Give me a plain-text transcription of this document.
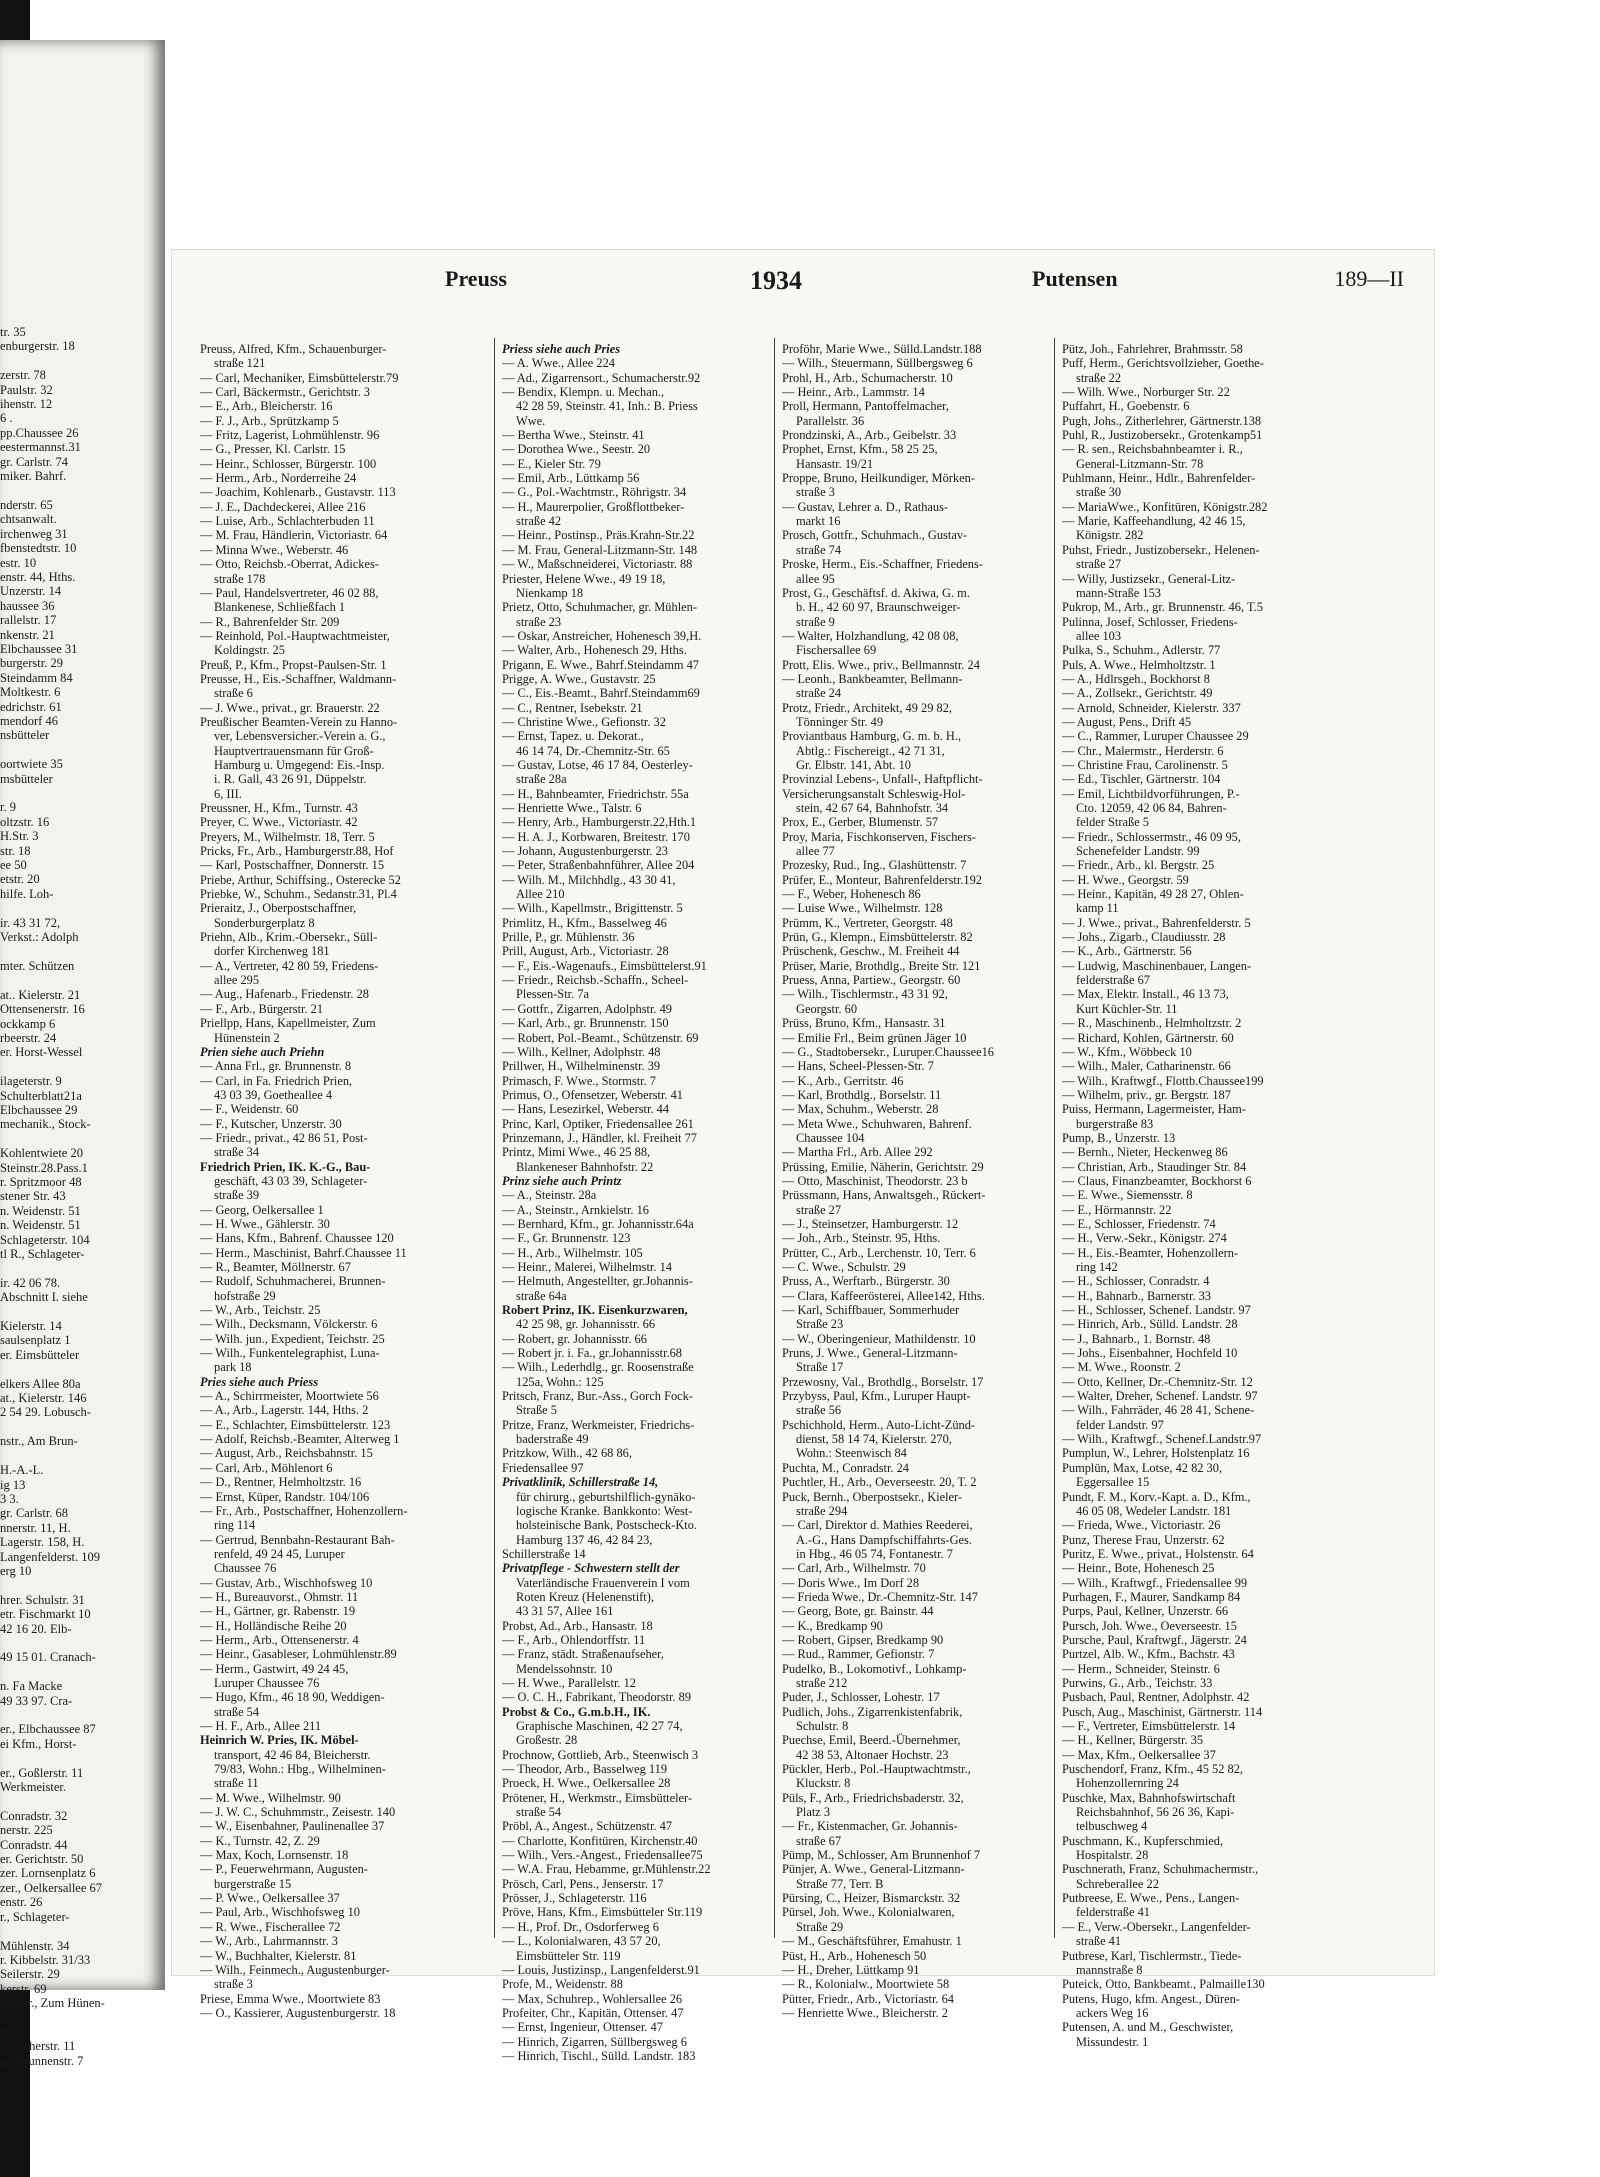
tr. 35
enburgerstr. 18

zerstr. 78
Paulstr. 32
ihenstr. 12
6 .
pp.Chaussee 26
eestermannst.31
gr. Carlstr. 74
miker. Bahrf.

nderstr. 65
chtsanwalt.
irchenweg 31
fbenstedtstr. 10
estr. 10
enstr. 44, Hths.
Unzerstr. 14
haussee 36
rallelstr. 17
nkenstr. 21
Elbchaussee 31
burgerstr. 29
Steindamm 84
Moltkestr. 6
edrichstr. 61
mendorf 46
nsbütteler

oortwiete 35
msbütteler

r. 9
oltzstr. 16
H.Str. 3
str. 18
ee 50
etstr. 20
hilfe. Loh-

ir. 43 31 72,
Verkst.: Adolph

mter. Schützen

at.. Kielerstr. 21
Ottensenerstr. 16
ockkamp 6
rbeerstr. 24
er. Horst-Wessel

ilageterstr. 9
Schulterblatt21a
Elbchaussee 29
mechanik., Stock-

Kohlentwiete 20
Steinstr.28.Pass.1
r. Spritzmoor 48
stener Str. 43
n. Weidenstr. 51
n. Weidenstr. 51
Schlageterstr. 104
tl R., Schlageter-

ir. 42 06 78.
Abschnitt I. siehe

Kielerstr. 14
saulsenplatz 1
er. Eimsbütteler

elkers Allee 80a
at., Kielerstr. 146
2 54 29. Lobusch-

nstr., Am Brun-

H.-A.-L.
ig 13
3 3.
gr. Carlstr. 68
nnerstr. 11, H.
Lagerstr. 158, H.
Langenfelderst. 109
erg 10

hrer. Schulstr. 31
etr. Fischmarkt 10
42 16 20. Elb-

49 15 01. Cranach-

n. Fa Macke
49 33 97. Cra-

er., Elbchaussee 87
ei Kfm., Horst-

er., Goßlerstr. 11
Werkmeister.

Conradstr. 32
nerstr. 225
Conradstr. 44
er. Gerichtstr. 50
zer. Lornsenplatz 6
zer., Oelkersallee 67
enstr. 26
r., Schlageter-

Mühlenstr. 34
r. Kibbelstr. 31/33
Seilerstr. 29
kerstr. 69
merstr., Zum Hünen-

Pl. 3
r. Silcherstr. 11
gr. Brunnenstr. 7
Preuss	1934	Putensen	189—II

Preuss, Alfred, Kfm., Schauenburger-

straße 121

— Carl, Mechaniker, Eimsbüttelerstr.79

— Carl, Bäckermstr., Gerichtstr. 3

— E., Arb., Bleicherstr. 16

— F. J., Arb., Sprützkamp 5

— Fritz, Lagerist, Lohmühlenstr. 96

— G., Presser, Kl. Carlstr. 15

— Heinr., Schlosser, Bürgerstr. 100

— Herm., Arb., Norderreihe 24

— Joachim, Kohlenarb., Gustavstr. 113

— J. E., Dachdeckerei, Allee 216

— Luise, Arb., Schlachterbuden 11

— M. Frau, Händlerin, Victoriastr. 64

— Minna Wwe., Weberstr. 46

— Otto, Reichsb.-Oberrat, Adickes-

straße 178

— Paul, Handelsvertreter, 46 02 88,

Blankenese, Schließfach 1

— R., Bahrenfelder Str. 209

— Reinhold, Pol.-Hauptwachtmeister,

Koldingstr. 25

Preuß, P., Kfm., Propst-Paulsen-Str. 1

Preusse, H., Eis.-Schaffner, Waldmann-

straße 6

— J. Wwe., privat., gr. Brauerstr. 22

Preußischer Beamten-Verein zu Hanno-

ver, Lebensversicher.-Verein a. G.,

Hauptvertrauensmann für Groß-

Hamburg u. Umgegend: Eis.-Insp.

i. R. Gall, 43 26 91, Düppelstr.

6, III.

Preussner, H., Kfm., Turnstr. 43

Preyer, C. Wwe., Victoriastr. 42

Preyers, M., Wilhelmstr. 18, Terr. 5

Pricks, Fr., Arb., Hamburgerstr.88, Hof

— Karl, Postschaffner, Donnerstr. 15

Priebe, Arthur, Schiffsing., Osterecke 52

Priebke, W., Schuhm., Sedanstr.31, Pl.4

Prieraitz, J., Oberpostschaffner,

Sonderburgerplatz 8

Priehn, Alb., Krim.-Obersekr., Süll-

dorfer Kirchenweg 181

— A., Vertreter, 42 80 59, Friedens-

allee 295

— Aug., Hafenarb., Friedenstr. 28

— F., Arb., Bürgerstr. 21

Priellpp, Hans, Kapellmeister, Zum

Hünenstein 2

Prien siehe auch Priehn

— Anna Frl., gr. Brunnenstr. 8

— Carl, in Fa. Friedrich Prien,

43 03 39, Goetheallee 4

— F., Weidenstr. 60

— F., Kutscher, Unzerstr. 30

— Friedr., privat., 42 86 51, Post-

straße 34

Friedrich Prien, IK. K.-G., Bau-

geschäft, 43 03 39, Schlageter-

straße 39

— Georg, Oelkersallee 1

— H. Wwe., Gählerstr. 30

— Hans, Kfm., Bahrenf. Chaussee 120

— Herm., Maschinist, Bahrf.Chaussee 11

— R., Beamter, Möllnerstr. 67

— Rudolf, Schuhmacherei, Brunnen-

hofstraße 29

— W., Arb., Teichstr. 25

— Wilh., Decksmann, Völckerstr. 6

— Wilh. jun., Expedient, Teichstr. 25

— Wilh., Funkentelegraphist, Luna-

park 18

Pries siehe auch Priess

— A., Schirrmeister, Moortwiete 56

— A., Arb., Lagerstr. 144, Hths. 2

— E., Schlachter, Eimsbüttelerstr. 123

— Adolf, Reichsb.-Beamter, Alterweg 1

— August, Arb., Reichsbahnstr. 15

— Carl, Arb., Möhlenort 6

— D., Rentner, Helmholtzstr. 16

— Ernst, Küper, Randstr. 104/106

— Fr., Arb., Postschaffner, Hohenzollern-

ring 114

— Gertrud, Bennbahn-Restaurant Bah-

renfeld, 49 24 45, Luruper

Chaussee 76

— Gustav, Arb., Wischhofsweg 10

— H., Bureauvorst., Ohmstr. 11

— H., Gärtner, gr. Rabenstr. 19

— H., Holländische Reihe 20

— Herm., Arb., Ottensenerstr. 4

— Heinr., Gasableser, Lohmühlenstr.89

— Herm., Gastwirt, 49 24 45,

Luruper Chaussee 76

— Hugo, Kfm., 46 18 90, Weddigen-

straße 54

— H. F., Arb., Allee 211

Heinrich W. Pries, IK. Möbel-

transport, 42 46 84, Bleicherstr.

79/83, Wohn.: Hbg., Wilhelminen-

straße 11

— M. Wwe., Wilhelmstr. 90

— J. W. C., Schuhmmstr., Zeisestr. 140

— W., Eisenbahner, Paulinenallee 37

— K., Turnstr. 42, Z. 29

— Max, Koch, Lornsenstr. 18

— P., Feuerwehrmann, Augusten-

burgerstraße 15

— P. Wwe., Oelkersallee 37

— Paul, Arb., Wischhofsweg 10

— R. Wwe., Fischerallee 72

— W., Arb., Lahrmannstr. 3

— W., Buchhalter, Kielerstr. 81

— Wilh., Feinmech., Augustenburger-

straße 3

Priese, Emma Wwe., Moortwiete 83

— O., Kassierer, Augustenburgerstr. 18

Priess siehe auch Pries

— A. Wwe., Allee 224

— Ad., Zigarrensort., Schumacherstr.92

— Bendix, Klempn. u. Mechan.,

42 28 59, Steinstr. 41, Inh.: B. Priess

Wwe.

— Bertha Wwe., Steinstr. 41

— Dorothea Wwe., Seestr. 20

— E., Kieler Str. 79

— Emil, Arb., Lüttkamp 56

— G., Pol.-Wachtmstr., Röhrigstr. 34

— H., Maurerpolier, Großflottbeker-

straße 42

— Heinr., Postinsp., Präs.Krahn-Str.22

— M. Frau, General-Litzmann-Str. 148

— W., Maßschneiderei, Victoriastr. 88

Priester, Helene Wwe., 49 19 18,

Nienkamp 18

Prietz, Otto, Schuhmacher, gr. Mühlen-

straße 23

— Oskar, Anstreicher, Hohenesch 39,H.

— Walter, Arb., Hohenesch 29, Hths.

Prigann, E. Wwe., Bahrf.Steindamm 47

Prigge, A. Wwe., Gustavstr. 25

— C., Eis.-Beamt., Bahrf.Steindamm69

— C., Rentner, Isebekstr. 21

— Christine Wwe., Gefionstr. 32

— Ernst, Tapez. u. Dekorat.,

46 14 74, Dr.-Chemnitz-Str. 65

— Gustav, Lotse, 46 17 84, Oesterley-

straße 28a

— H., Bahnbeamter, Friedrichstr. 55a

— Henriette Wwe., Talstr. 6

— Henry, Arb., Hamburgerstr.22,Hth.1

— H. A. J., Korbwaren, Breitestr. 170

— Johann, Augustenburgerstr. 23

— Peter, Straßenbahnführer, Allee 204

— Wilh. M., Milchhdlg., 43 30 41,

Allee 210

— Wilh., Kapellmstr., Brigittenstr. 5

Primlitz, H., Kfm., Basselweg 46

Prille, P., gr. Mühlenstr. 36

Prill, August, Arb., Victoriastr. 28

— F., Eis.-Wagenaufs., Eimsbüttelerst.91

— Friedr., Reichsb.-Schaffn., Scheel-

Plessen-Str. 7a

— Gottfr., Zigarren, Adolphstr. 49

— Karl, Arb., gr. Brunnenstr. 150

— Robert, Pol.-Beamt., Schützenstr. 69

— Wilh., Kellner, Adolphstr. 48

Prillwer, H., Wilhelminenstr. 39

Primasch, F. Wwe., Stormstr. 7

Primus, O., Ofensetzer, Weberstr. 41

— Hans, Lesezirkel, Weberstr. 44

Princ, Karl, Optiker, Friedensallee 261

Prinzemann, J., Händler, kl. Freiheit 77

Printz, Mimi Wwe., 46 25 88,

Blankeneser Bahnhofstr. 22

Prinz siehe auch Printz

— A., Steinstr. 28a

— A., Steinstr., Arnkielstr. 16

— Bernhard, Kfm., gr. Johannisstr.64a

— F., Gr. Brunnenstr. 123

— H., Arb., Wilhelmstr. 105

— Heinr., Malerei, Wilhelmstr. 14

— Helmuth, Angestellter, gr.Johannis-

straße 64a

Robert Prinz, IK. Eisenkurzwaren,

42 25 98, gr. Johannisstr. 66

— Robert, gr. Johannisstr. 66

— Robert jr. i. Fa., gr.Johannisstr.68

— Wilh., Lederhdlg., gr. Roosenstraße

125a, Wohn.: 125

Pritsch, Franz, Bur.-Ass., Gorch Fock-

Straße 5

Pritze, Franz, Werkmeister, Friedrichs-

baderstraße 49

Pritzkow, Wilh., 42 68 86,

Friedensallee 97

Privatklinik, Schillerstraße 14,

für chirurg., geburtshilflich-gynäko-

logische Kranke. Bankkonto: West-

holsteinische Bank, Postscheck-Kto.

Hamburg 137 46, 42 84 23,

Schillerstraße 14

Privatpflege - Schwestern stellt der

Vaterländische Frauenverein I vom

Roten Kreuz (Helenenstift),

43 31 57, Allee 161

Probst, Ad., Arb., Hansastr. 18

— F., Arb., Ohlendorffstr. 11

— Franz, städt. Straßenaufseher,

Mendelssohnstr. 10

— H. Wwe., Parallelstr. 12

— O. C. H., Fabrikant, Theodorstr. 89

Probst & Co., G.m.b.H., IK.

Graphische Maschinen, 42 27 74,

Großestr. 28

Prochnow, Gottlieb, Arb., Steenwisch 3

— Theodor, Arb., Basselweg 119

Proeck, H. Wwe., Oelkersallee 28

Prötener, H., Werkmstr., Eimsbütteler-

straße 54

Pröbl, A., Angest., Schützenstr. 47

— Charlotte, Konfitüren, Kirchenstr.40

— Wilh., Vers.-Angest., Friedensallee75

— W.A. Frau, Hebamme, gr.Mühlenstr.22

Prösch, Carl, Pens., Jenserstr. 17

Prösser, J., Schlageterstr. 116

Pröve, Hans, Kfm., Eimsbütteler Str.119

— H., Prof. Dr., Osdorferweg 6

— L., Kolonialwaren, 43 57 20,

Eimsbütteler Str. 119

— Louis, Justizinsp., Langenfelderst.91

Profe, M., Weidenstr. 88

— Max, Schuhrep., Wohlersallee 26

Profeiter, Chr., Kapitän, Ottenser. 47

— Ernst, Ingenieur, Ottenser. 47

— Hinrich, Zigarren, Süllbergsweg 6

— Hinrich, Tischl., Sülld. Landstr. 183

Proföhr, Marie Wwe., Sülld.Landstr.188

— Wilh., Steuermann, Süllbergsweg 6

Prohl, H., Arb., Schumacherstr. 10

— Heinr., Arb., Lammstr. 14

Proll, Hermann, Pantoffelmacher,

Parallelstr. 36

Prondzinski, A., Arb., Geibelstr. 33

Prophet, Ernst, Kfm., 58 25 25,

Hansastr. 19/21

Proppe, Bruno, Heilkundiger, Mörken-

straße 3

— Gustav, Lehrer a. D., Rathaus-

markt 16

Prosch, Gottfr., Schuhmach., Gustav-

straße 74

Proske, Herm., Eis.-Schaffner, Friedens-

allee 95

Prost, G., Geschäftsf. d. Akiwa, G. m.

b. H., 42 60 97, Braunschweiger-

straße 9

— Walter, Holzhandlung, 42 08 08,

Fischersallee 69

Prott, Elis. Wwe., priv., Bellmannstr. 24

— Leonh., Bankbeamter, Bellmann-

straße 24

Protz, Friedr., Architekt, 49 29 82,

Tönninger Str. 49

Proviantbaus Hamburg, G. m. b. H.,

Abtlg.: Fischereigt., 42 71 31,

Gr. Elbstr. 141, Abt. 10

Provinzial Lebens-, Unfall-, Haftpflicht-

Versicherungsanstalt Schleswig-Hol-

stein, 42 67 64, Bahnhofstr. 34

Prox, E., Gerber, Blumenstr. 57

Proy, Maria, Fischkonserven, Fischers-

allee 77

Prozesky, Rud., Ing., Glashüttenstr. 7

Prüfer, E., Monteur, Bahrenfelderstr.192

— F., Weber, Hohenesch 86

— Luise Wwe., Wilhelmstr. 128

Prümm, K., Vertreter, Georgstr. 48

Prün, G., Klempn., Eimsbüttelerstr. 82

Prüschenk, Geschw., M. Freiheit 44

Prüser, Marie, Brothdlg., Breite Str. 121

Pruess, Anna, Partiew., Georgstr. 60

— Wilh., Tischlermstr., 43 31 92,

Georgstr. 60

Prüss, Bruno, Kfm., Hansastr. 31

— Emilie Frl., Beim grünen Jäger 10

— G., Stadtobersekr., Luruper.Chaussee16

— Hans, Scheel-Plessen-Str. 7

— K., Arb., Gerritstr. 46

— Karl, Brothdlg., Borselstr. 11

— Max, Schuhm., Weberstr. 28

— Meta Wwe., Schuhwaren, Bahrenf.

Chaussee 104

— Martha Frl., Arb. Allee 292

Prüssing, Emilie, Näherin, Gerichtstr. 29

— Otto, Maschinist, Theodorstr. 23 b

Prüssmann, Hans, Anwaltsgeh., Rückert-

straße 27

— J., Steinsetzer, Hamburgerstr. 12

— Joh., Arb., Steinstr. 95, Hths.

Prütter, C., Arb., Lerchenstr. 10, Terr. 6

— C. Wwe., Schulstr. 29

Pruss, A., Werftarb., Bürgerstr. 30

— Clara, Kaffeerösterei, Allee142, Hths.

— Karl, Schiffbauer, Sommerhuder

Straße 23

— W., Oberingenieur, Mathildenstr. 10

Pruns, J. Wwe., General-Litzmann-

Straße 17

Przewosny, Val., Brothdlg., Borselstr. 17

Przybyss, Paul, Kfm., Luruper Haupt-

straße 56

Pschichhold, Herm., Auto-Licht-Zünd-

dienst, 58 14 74, Kielerstr. 270,

Wohn.: Steenwisch 84

Puchta, M., Conradstr. 24

Puchtler, H., Arb., Oeverseestr. 20, T. 2

Puck, Bernh., Oberpostsekr., Kieler-

straße 294

— Carl, Direktor d. Mathies Reederei,

A.-G., Hans Dampfschiffahrts-Ges.

in Hbg., 46 05 74, Fontanestr. 7

— Carl, Arb., Wilhelmstr. 70

— Doris Wwe., Im Dorf 28

— Frieda Wwe., Dr.-Chemnitz-Str. 147

— Georg, Bote, gr. Bainstr. 44

— K., Bredkamp 90

— Robert, Gipser, Bredkamp 90

— Rud., Rammer, Gefionstr. 7

Pudelko, B., Lokomotivf., Lohkamp-

straße 212

Puder, J., Schlosser, Lohestr. 17

Pudlich, Johs., Zigarrenkistenfabrik,

Schulstr. 8

Puechse, Emil, Beerd.-Übernehmer,

42 38 53, Altonaer Hochstr. 23

Pückler, Herb., Pol.-Hauptwachtmstr.,

Kluckstr. 8

Püls, F., Arb., Friedrichsbaderstr. 32,

Platz 3

— Fr., Kistenmacher, Gr. Johannis-

straße 67

Pümp, M., Schlosser, Am Brunnenhof 7

Pünjer, A. Wwe., General-Litzmann-

Straße 77, Terr. B

Pürsing, C., Heizer, Bismarckstr. 32

Pürsel, Joh. Wwe., Kolonialwaren,

Straße 29

— M., Geschäftsführer, Emahustr. 1

Püst, H., Arb., Hohenesch 50

— H., Dreher, Lüttkamp 91

— R., Kolonialw., Moortwiete 58

Pütter, Friedr., Arb., Victoriastr. 64

— Henriette Wwe., Bleicherstr. 2

Pütz, Joh., Fahrlehrer, Brahmsstr. 58

Puff, Herm., Gerichtsvollzieher, Goethe-

straße 22

— Wilh. Wwe., Norburger Str. 22

Puffahrt, H., Goebenstr. 6

Pugh, Johs., Zitherlehrer, Gärtnerstr.138

Puhl, R., Justizobersekr., Grotenkamp51

— R. sen., Reichsbahnbeamter i. R.,

General-Litzmann-Str. 78

Puhlmann, Heinr., Hdlr., Bahrenfelder-

straße 30

— MariaWwe., Konfitüren, Königstr.282

— Marie, Kaffeehandlung, 42 46 15,

Königstr. 282

Puhst, Friedr., Justizobersekr., Helenen-

straße 27

— Willy, Justizsekr., General-Litz-

mann-Straße 153

Pukrop, M., Arb., gr. Brunnenstr. 46, T.5

Pulinna, Josef, Schlosser, Friedens-

allee 103

Pulka, S., Schuhm., Adlerstr. 77

Puls, A. Wwe., Helmholtzstr. 1

— A., Hdlrsgeh., Bockhorst 8

— A., Zollsekr., Gerichtstr. 49

— Arnold, Schneider, Kielerstr. 337

— August, Pens., Drift 45

— C., Rammer, Luruper Chaussee 29

— Chr., Malermstr., Herderstr. 6

— Christine Frau, Carolinenstr. 5

— Ed., Tischler, Gärtnerstr. 104

— Emil, Lichtbildvorführungen, P.-

Cto. 12059, 42 06 84, Bahren-

felder Straße 5

— Friedr., Schlossermstr., 46 09 95,

Schenefelder Landstr. 99

— Friedr., Arb., kl. Bergstr. 25

— H. Wwe., Georgstr. 59

— Heinr., Kapitän, 49 28 27, Ohlen-

kamp 11

— J. Wwe., privat., Bahrenfelderstr. 5

— Johs., Zigarb., Claudiusstr. 28

— K., Arb., Gärtnerstr. 56

— Ludwig, Maschinenbauer, Langen-

felderstraße 67

— Max, Elektr. Install., 46 13 73,

Kurt Küchler-Str. 11

— R., Maschinenb., Helmholtzstr. 2

— Richard, Kohlen, Gärtnerstr. 60

— W., Kfm., Wöbbeck 10

— Wilh., Maler, Catharinenstr. 66

— Wilh., Kraftwgf., Flottb.Chaussee199

— Wilhelm, priv., gr. Bergstr. 187

Puiss, Hermann, Lagermeister, Ham-

burgerstraße 83

Pump, B., Unzerstr. 13

— Bernh., Nieter, Heckenweg 86

— Christian, Arb., Staudinger Str. 84

— Claus, Finanzbeamter, Bockhorst 6

— E. Wwe., Siemensstr. 8

— E., Hörmannstr. 22

— E., Schlosser, Friedenstr. 74

— H., Verw.-Sekr., Königstr. 274

— H., Eis.-Beamter, Hohenzollern-

ring 142

— H., Schlosser, Conradstr. 4

— H., Bahnarb., Barnerstr. 33

— H., Schlosser, Schenef. Landstr. 97

— Hinrich, Arb., Sülld. Landstr. 28

— J., Bahnarb., 1. Bornstr. 48

— Johs., Eisenbahner, Hochfeld 10

— M. Wwe., Roonstr. 2

— Otto, Kellner, Dr.-Chemnitz-Str. 12

— Walter, Dreher, Schenef. Landstr. 97

— Wilh., Fahrräder, 46 28 41, Schene-

felder Landstr. 97

— Wilh., Kraftwgf., Schenef.Landstr.97

Pumplun, W., Lehrer, Holstenplatz 16

Pumplün, Max, Lotse, 42 82 30,

Eggersallee 15

Pundt, F. M., Korv.-Kapt. a. D., Kfm.,

46 05 08, Wedeler Landstr. 181

— Frieda, Wwe., Victoriastr. 26

Punz, Therese Frau, Unzerstr. 62

Puritz, E. Wwe., privat., Holstenstr. 64

— Heinr., Bote, Hohenesch 25

— Wilh., Kraftwgf., Friedensallee 99

Purhagen, F., Maurer, Sandkamp 84

Purps, Paul, Kellner, Unzerstr. 66

Pursch, Joh. Wwe., Oeverseestr. 15

Pursche, Paul, Kraftwgf., Jägerstr. 24

Purtzel, Alb. W., Kfm., Bachstr. 43

— Herm., Schneider, Steinstr. 6

Purwins, G., Arb., Teichstr. 33

Pusbach, Paul, Rentner, Adolphstr. 42

Pusch, Aug., Maschinist, Gärtnerstr. 114

— F., Vertreter, Eimsbüttelerstr. 14

— H., Kellner, Bürgerstr. 35

— Max, Kfm., Oelkersallee 37

Puschendorf, Franz, Kfm., 45 52 82,

Hohenzollernring 24

Puschke, Max, Bahnhofswirtschaft

Reichsbahnhof, 56 26 36, Kapi-

telbuschweg 4

Puschmann, K., Kupferschmied,

Hospitalstr. 28

Puschnerath, Franz, Schuhmachermstr.,

Schreberallee 22

Putbreese, E. Wwe., Pens., Langen-

felderstraße 41

— E., Verw.-Obersekr., Langenfelder-

straße 41

Putbrese, Karl, Tischlermstr., Tiede-

mannstraße 8

Puteick, Otto, Bankbeamt., Palmaille130

Putens, Hugo, kfm. Angest., Düren-

ackers Weg 16

Putensen, A. und M., Geschwister,

Missundestr. 1
